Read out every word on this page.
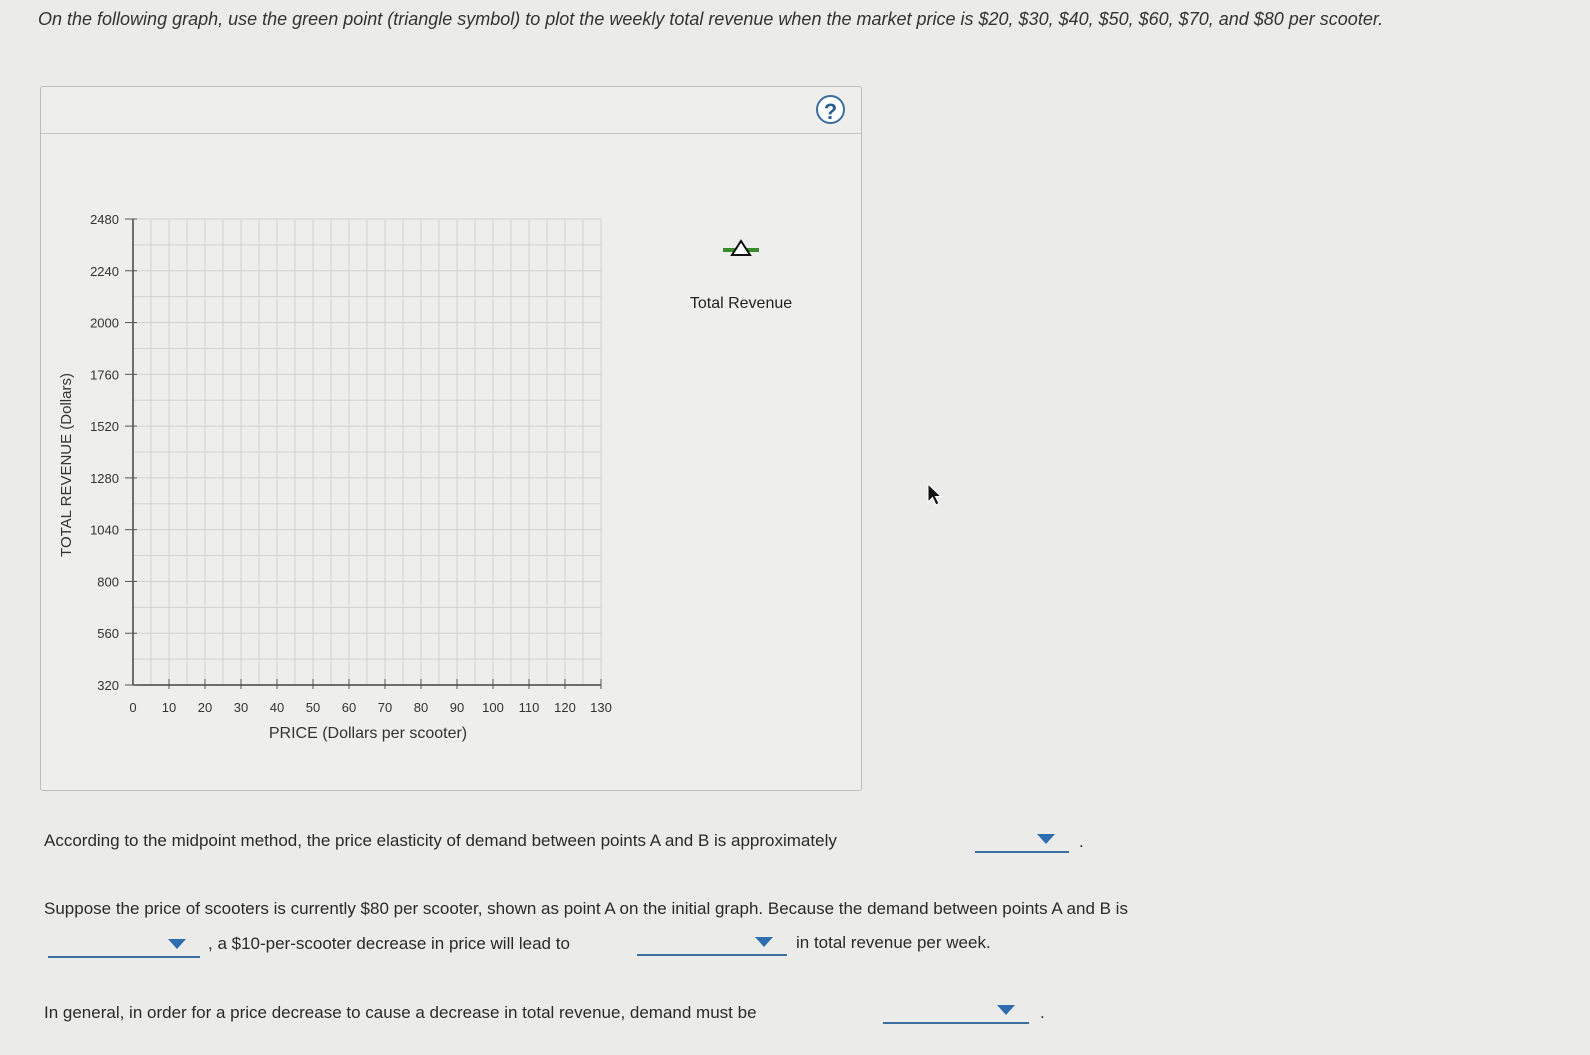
On the following graph, use the green point (triangle symbol) to plot the weekly total revenue when the market price is $20, $30, $40, $50, $60, $70, and $80 per scooter.
?
320
560
800
1040
1280
1520
1760
2000
2240
2480
0 10 20 30 40 50 60 70 80 90 100 110 120 130
TOTAL REVENUE (Dollars)
PRICE (Dollars per scooter)
Total Revenue
According to the midpoint method, the price elasticity of demand between points A and B is approximately	.
Suppose the price of scooters is currently $80 per scooter, shown as point A on the initial graph. Because the demand between points A and B is
, a $10-per-scooter decrease in price will lead to	in total revenue per week.
In general, in order for a price decrease to cause a decrease in total revenue, demand must be	.
